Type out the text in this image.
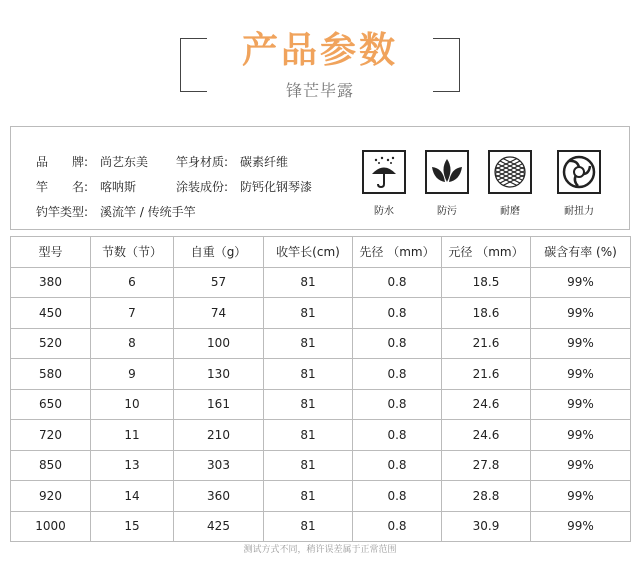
产品参数
锋芒毕露
品　　牌: 尚艺东美 竿身材质: 碳素纤维
竿　　名: 喀呐斯	涂装成份: 防钙化钢琴漆
钓竿类型: 溪流竿 / 传统手竿	防水	防污	耐磨	耐扭力
型号	节数（节）	自重（g）	收竿长(cm)	先径 （mm）	元径 （mm）	碳含有率 (%)
380	6	57	81	0.8	18.5	99%
450	7	74	81	0.8	18.6	99%
520	8	100	81	0.8	21.6	99%
580	9	130	81	0.8	21.6	99%
650	10	161	81	0.8	24.6	99%
720	11	210	81	0.8	24.6	99%
850	13	303	81	0.8	27.8	99%
920	14	360	81	0.8	28.8	99%
1000	15	425	81	0.8	30.9	99%
测试方式不同，稍许误差属于正常范围
